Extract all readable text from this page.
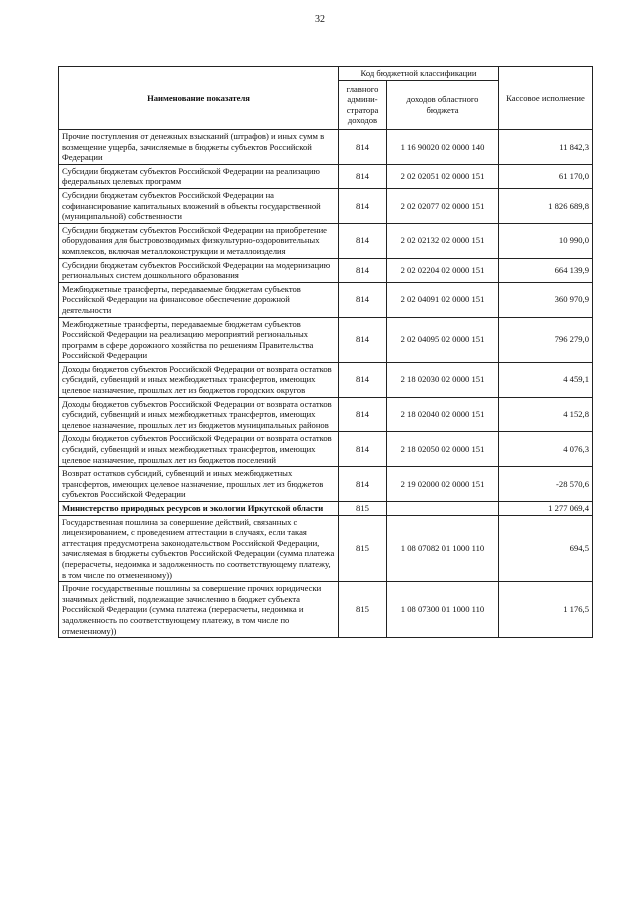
32
Наименование показателя	Код бюджетной классификации		Кассовое исполнение
	главного админи-стратора доходов	доходов областного бюджета	
Прочие поступления от денежных взысканий (штрафов) и иных сумм в возмещение ущерба, зачисляемые в бюджеты субъектов Российской Федерации	814	1 16 90020 02 0000 140	11 842,3
Субсидии бюджетам субъектов Российской Федерации на реализацию федеральных целевых программ	814	2 02 02051 02 0000 151	61 170,0
Субсидии бюджетам субъектов Российской Федерации на софинансирование капитальных вложений в объекты государственной (муниципальной) собственности	814	2 02 02077 02 0000 151	1 826 689,8
Субсидии бюджетам субъектов Российской Федерации на приобретение оборудования для быстровозводимых физкультурно-оздоровительных комплексов, включая металлоконструкции и металлоизделия	814	2 02 02132 02 0000 151	10 990,0
Субсидии бюджетам субъектов Российской Федерации на модернизацию региональных систем дошкольного образования	814	2 02 02204 02 0000 151	664 139,9
Межбюджетные трансферты, передаваемые бюджетам субъектов Российской Федерации на финансовое обеспечение дорожной деятельности	814	2 02 04091 02 0000 151	360 970,9
Межбюджетные трансферты, передаваемые бюджетам субъектов Российской Федерации на реализацию мероприятий региональных программ в сфере дорожного хозяйства по решениям Правительства Российской Федерации	814	2 02 04095 02 0000 151	796 279,0
Доходы бюджетов субъектов Российской Федерации от возврата остатков субсидий, субвенций и иных межбюджетных трансфертов, имеющих целевое назначение, прошлых лет из бюджетов городских округов	814	2 18 02030 02 0000 151	4 459,1
Доходы бюджетов субъектов Российской Федерации от возврата остатков субсидий, субвенций и иных межбюджетных трансфертов, имеющих целевое назначение, прошлых лет из бюджетов муниципальных районов	814	2 18 02040 02 0000 151	4 152,8
Доходы бюджетов субъектов Российской Федерации от возврата остатков субсидий, субвенций и иных межбюджетных трансфертов, имеющих целевое назначение, прошлых лет из бюджетов поселений	814	2 18 02050 02 0000 151	4 076,3
Возврат остатков субсидий, субвенций и иных межбюджетных трансфертов, имеющих целевое назначение, прошлых лет из бюджетов субъектов Российской Федерации	814	2 19 02000 02 0000 151	-28 570,6
Министерство природных ресурсов и экологии Иркутской области	815		1 277 069,4
Государственная пошлина за совершение действий, связанных с лицензированием, с проведением аттестации в случаях, если такая аттестация предусмотрена законодательством Российской Федерации, зачисляемая в бюджеты субъектов Российской Федерации (сумма платежа (перерасчеты, недоимка и задолженность по соответствующему платежу, в том числе по отмененному))	815	1 08 07082 01 1000 110	694,5
Прочие государственные пошлины за совершение прочих юридически значимых действий, подлежащие зачислению в бюджет субъекта Российской Федерации (сумма платежа (перерасчеты, недоимка и задолженность по соответствующему платежу, в том числе по отмененному))	815	1 08 07300 01 1000 110	1 176,5
